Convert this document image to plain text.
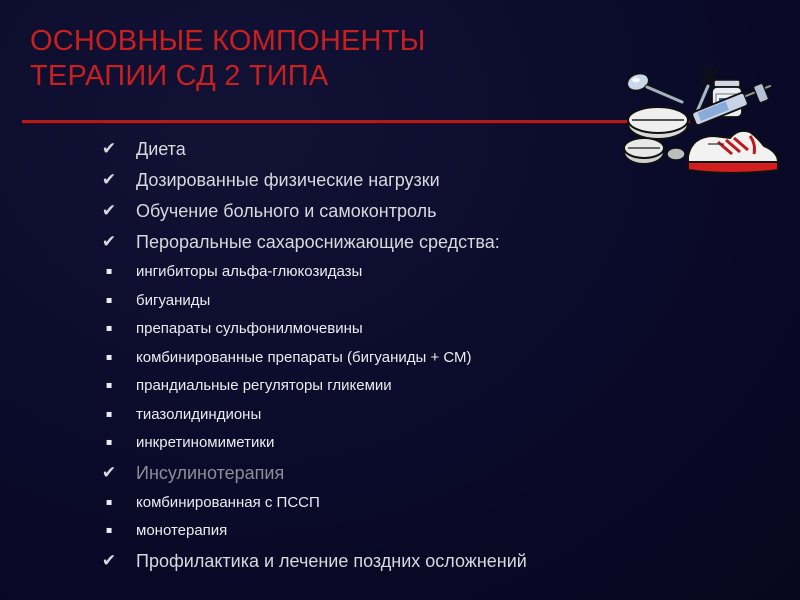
ОСНОВНЫЕ КОМПОНЕНТЫ
ТЕРАПИИ СД 2 ТИПА
✔ Диета
✔ Дозированные физические нагрузки
✔ Обучение больного и самоконтроль
✔ Пероральные сахароснижающие средства:
▪ ингибиторы альфа-глюкозидазы
▪ бигуаниды
▪ препараты сульфонилмочевины
▪ комбинированные препараты (бигуаниды + СМ)
▪ прандиальные регуляторы гликемии
▪ тиазолидиндионы
▪ инкретиномиметики
✔ Инсулинотерапия
▪ комбинированная с ПССП
▪ монотерапия
✔ Профилактика и лечение поздних осложнений
